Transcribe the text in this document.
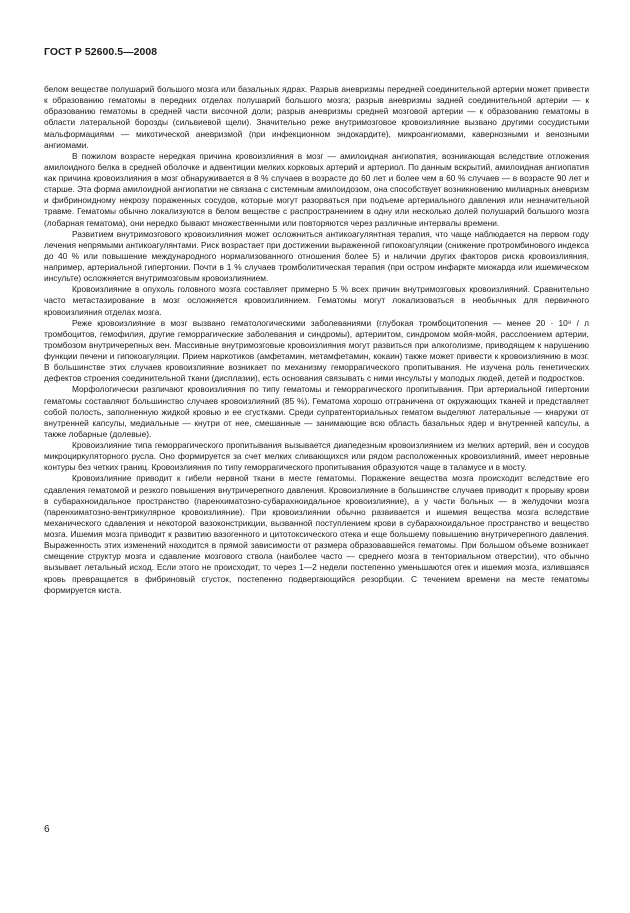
ГОСТ Р 52600.5—2008

белом веществе полушарий большого мозга или базальных ядрах. Разрыв аневризмы передней соединительной артерии может привести к образованию гематомы в передних отделах полушарий большого мозга; разрыв аневризмы задней соединительной артерии — к образованию гематомы в средней части височной доли; разрыв аневризмы средней мозговой артерии — к образованию гематомы в области латеральной борозды (сильвиевой щели). Значительно реже внутримозговое кровоизлияние вызвано другими сосудистыми мальформациями — микотической аневризмой (при инфекционном эндокардите), микроангиомами, кавернозными и венозными ангиомами.

В пожилом возрасте нередкая причина кровоизлияния в мозг — амилоидная ангиопатия, возникающая вследствие отложения амилоидного белка в средней оболочке и адвентиции мелких корковых артерий и артериол. По данным вскрытий, амилоидная ангиопатия как причина кровоизлияния в мозг обнаруживается в 8 % случаев в возрасте до 60 лет и более чем в 60 % случаев — в возрасте 90 лет и старше. Эта форма амилоидной ангиопатии не связана с системным амилоидозом, она способствует возникновению милиарных аневризм и фибриноидному некрозу пораженных сосудов, которые могут разорваться при подъеме артериального давления или незначительной травме. Гематомы обычно локализуются в белом веществе с распространением в одну или несколько долей полушарий большого мозга (лобарная гематома), они нередко бывают множественными или повторяются через различные интервалы времени.

Развитием внутримозгового кровоизлияния может осложниться антикоагулянтная терапия, что чаще наблюдается на первом году лечения непрямыми антикоагулянтами. Риск возрастает при достижении выраженной гипокоагуляции (снижение протромбинового индекса до 40 % или повышение международного нормализованного отношения более 5) и наличии других факторов риска кровоизлияния, например, артериальной гипертонии. Почти в 1 % случаев тромболитическая терапия (при остром инфаркте миокарда или ишемическом инсульте) осложняется внутримозговым кровоизлиянием.

Кровоизлияние в опухоль головного мозга составляет примерно 5 % всех причин внутримозговых кровоизлияний. Сравнительно часто метастазирование в мозг осложняется кровоизлиянием. Гематомы могут локализоваться в необычных для первичного кровоизлияния отделах мозга.

Реже кровоизлияние в мозг вызвано гематологическими заболеваниями (глубокая тромбоцитопения — менее 20 · 10⁹ / л тромбоцитов, гемофилия, другие геморрагические заболевания и синдромы), артериитом, синдромом мойя-мойя, расслоением артерии, тромбозом внутричерепных вен. Массивные внутримозговые кровоизлияния могут развиться при алкоголизме, приводящем к нарушению функции печени и гипокоагуляции. Прием наркотиков (амфетамин, метамфетамин, кокаин) также может привести к кровоизлиянию в мозг. В большинстве этих случаев кровоизлияние возникает по механизму геморрагического пропитывания. Не изучена роль генетических дефектов строения соединительной ткани (дисплазии), есть основания связывать с ними инсульты у молодых людей, детей и подростков.

Морфологически различают кровоизлияния по типу гематомы и геморрагического пропитывания. При артериальной гипертонии гематомы составляют большинство случаев кровоизлияний (85 %). Гематома хорошо отграничена от окружающих тканей и представляет собой полость, заполненную жидкой кровью и ее сгустками. Среди супратенториальных гематом выделяют латеральные — кнаружи от внутренней капсулы, медиальные — кнутри от нее, смешанные — занимающие всю область базальных ядер и внутренней капсулы, а также лобарные (долевые).

Кровоизлияние типа геморрагического пропитывания вызывается диапедезным кровоизлиянием из мелких артерий, вен и сосудов микроциркуляторного русла. Оно формируется за счет мелких сливающихся или рядом расположенных кровоизлияний, имеет неровные контуры без четких границ. Кровоизлияния по типу геморрагического пропитывания образуются чаще в таламусе и в мосту.

Кровоизлияние приводит к гибели нервной ткани в месте гематомы. Поражение вещества мозга происходит вследствие его сдавления гематомой и резкого повышения внутричерепного давления. Кровоизлияние в большинстве случаев приводит к прорыву крови в субарахноидальное пространство (паренхиматозно-субарахноидальное кровоизлияние), а у части больных — в желудочки мозга (паренхиматозно-вентрикулярное кровоизлияние). При кровоизлиянии обычно развивается и ишемия вещества мозга вследствие механического сдавления и некоторой вазоконстрикции, вызванной поступлением крови в субарахноидальное пространство и вещество мозга. Ишемия мозга приводит к развитию вазогенного и цитотоксического отека и еще большему повышению внутричерепного давления. Выраженность этих изменений находится в прямой зависимости от размера образовавшейся гематомы. При большом объеме возникает смещение структур мозга и сдавление мозгового ствола (наиболее часто — среднего мозга в тенториальном отверстии), что обычно вызывает летальный исход. Если этого не происходит, то через 1—2 недели постепенно уменьшаются отек и ишемия мозга, излившаяся кровь превращается в фибриновый сгусток, постепенно подвергающийся резорбции. С течением времени на месте гематомы формируется киста.

6
